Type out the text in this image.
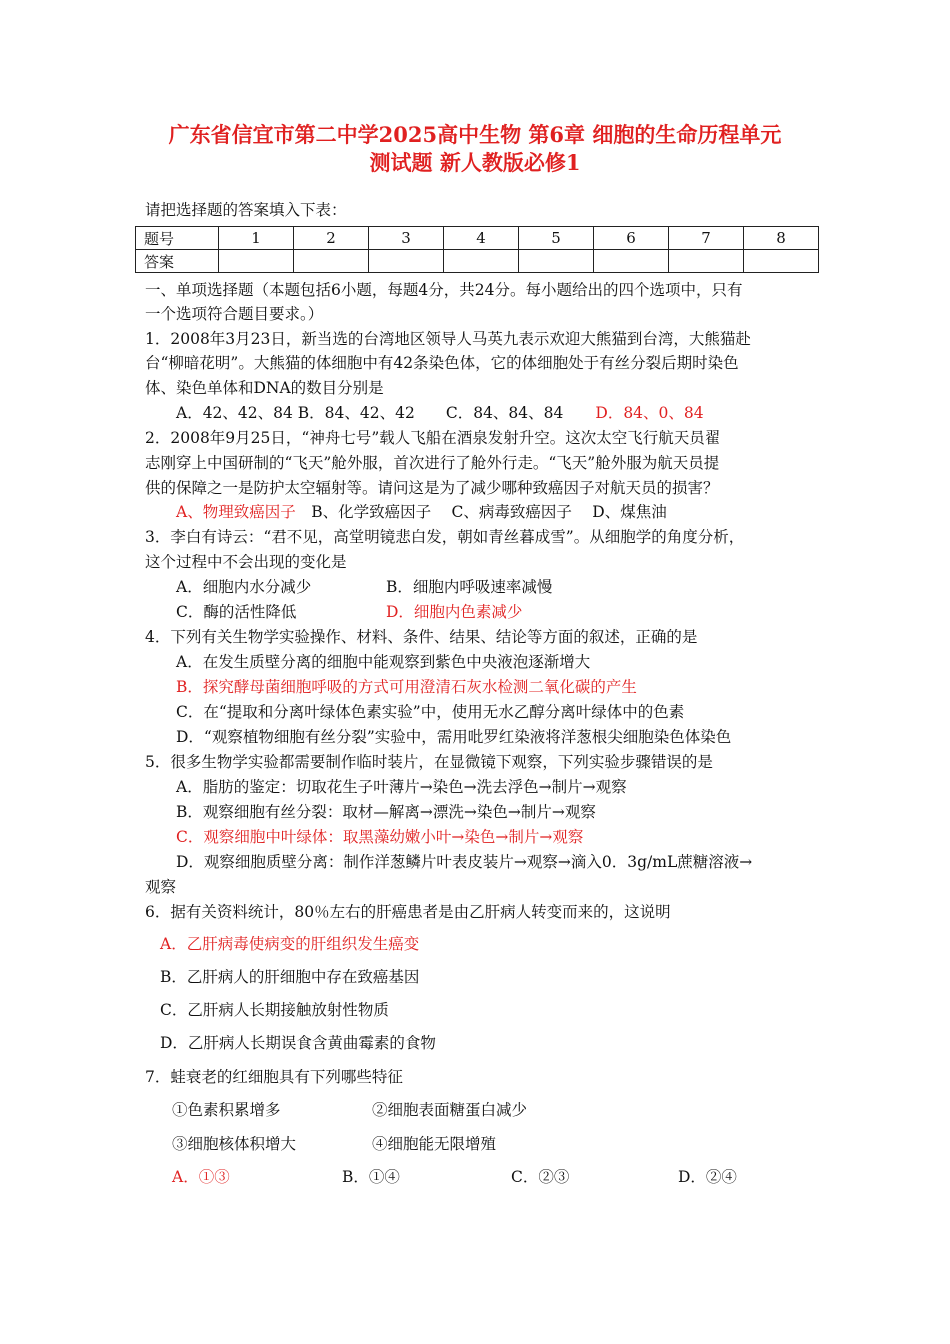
广东省信宜市第二中学2025高中生物 第6章 细胞的生命历程单元
测试题 新人教版必修1
请把选择题的答案填入下表：
题号	1	2	3	4	5	6	7	8
答案								
一、单项选择题（本题包括6小题，每题4分，共24分。每小题给出的四个选项中，只有
一个选项符合题目要求。）
1．2008年3月23日，新当选的台湾地区领导人马英九表示欢迎大熊猫到台湾，大熊猫赴
台“柳暗花明”。大熊猫的体细胞中有42条染色体，它的体细胞处于有丝分裂后期时染色
体、染色单体和DNA的数目分别是
A．42、42、84 B．84、42、42　　C．84、84、84 D．84、0、84
2．2008年9月25日，“神舟七号”载人飞船在酒泉发射升空。这次太空飞行航天员翟
志刚穿上中国研制的“飞天”舱外服，首次进行了舱外行走。“飞天”舱外服为航天员提
供的保障之一是防护太空辐射等。请问这是为了减少哪种致癌因子对航天员的损害？
A、物理致癌因子　B、化学致癌因子　 C、病毒致癌因子　 D、煤焦油
3．李白有诗云：“君不见，高堂明镜悲白发，朝如青丝暮成雪”。从细胞学的角度分析，
这个过程中不会出现的变化是
A．细胞内水分减少	B．细胞内呼吸速率减慢
C．酶的活性降低	D．细胞内色素减少
4．下列有关生物学实验操作、材料、条件、结果、结论等方面的叙述，正确的是
A．在发生质壁分离的细胞中能观察到紫色中央液泡逐渐增大
B．探究酵母菌细胞呼吸的方式可用澄清石灰水检测二氧化碳的产生
C．在“提取和分离叶绿体色素实验”中，使用无水乙醇分离叶绿体中的色素
D．“观察植物细胞有丝分裂”实验中，需用吡罗红染液将洋葱根尖细胞染色体染色
5．很多生物学实验都需要制作临时装片，在显微镜下观察，下列实验步骤错误的是
A．脂肪的鉴定：切取花生子叶薄片→染色→洗去浮色→制片→观察
B．观察细胞有丝分裂：取材—解离→漂洗→染色→制片→观察
C．观察细胞中叶绿体：取黑藻幼嫩小叶→染色→制片→观察
D．观察细胞质壁分离：制作洋葱鳞片叶表皮装片→观察→滴入0．3g/mL蔗糖溶液→
观察
6．据有关资料统计，80％左右的肝癌患者是由乙肝病人转变而来的，这说明
A．乙肝病毒使病变的肝组织发生癌变
B．乙肝病人的肝细胞中存在致癌基因
C．乙肝病人长期接触放射性物质
D．乙肝病人长期误食含黄曲霉素的食物
7．蛙衰老的红细胞具有下列哪些特征
①色素积累增多	②细胞表面糖蛋白减少
③细胞核体积增大	④细胞能无限增殖
A．①③	B．①④	C．②③	D．②④
